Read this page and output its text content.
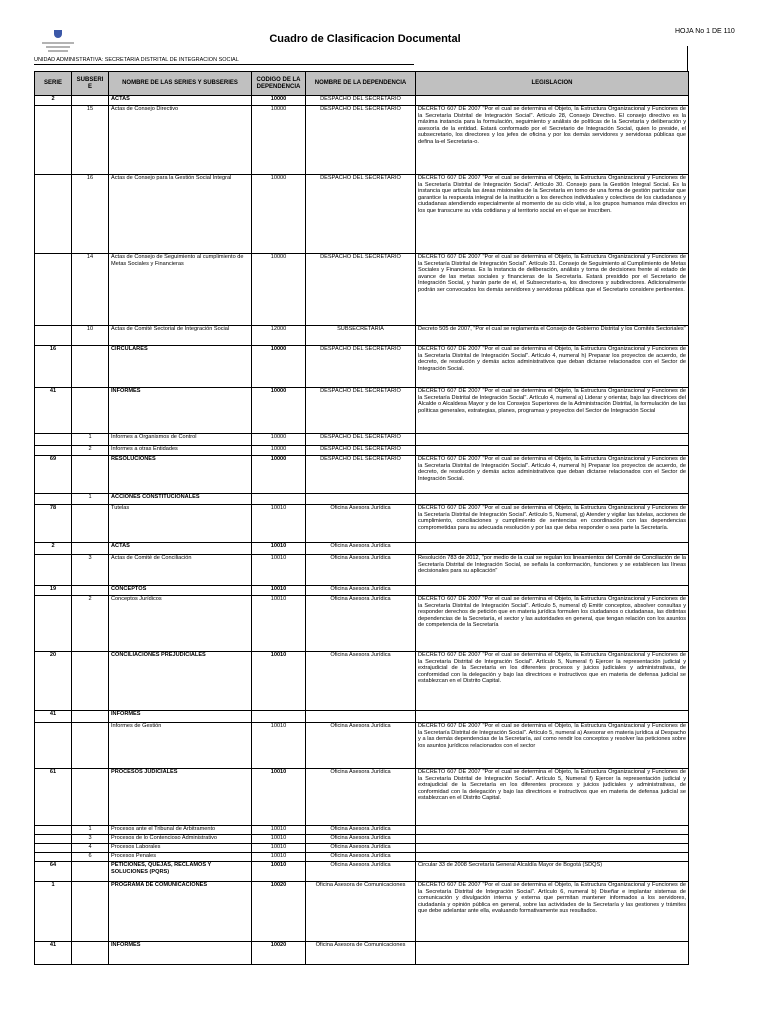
HOJA No 1 DE 110
Cuadro de Clasificacion Documental
UNIDAD ADMINISTRATIVA: SECRETARIA DISTRITAL DE INTEGRACION SOCIAL
SERIE	SUBSERI E	NOMBRE DE LAS SERIES Y SUBSERIES	CODIGO DE LA DEPENDENCIA	NOMBRE DE LA DEPENDENCIA	LEGISLACION
2		ACTAS	10000	DESPACHO DEL SECRETARIO	
	15	Actas de Consejo Directivo	10000	DESPACHO DEL SECRETARIO	DECRETO 607 DE 2007 "Por el cual se determina el Objeto, la Estructura Organizacional y Funciones de la Secretaría Distrital de Integración Social". Artículo 28, Consejo Directivo. El consejo directivo es la máxima instancia para la formulación, seguimiento y análisis de políticas de la Secretaría y deliberación y asesoría de la entidad. Estará conformado por el Secretario de Integración Social, quien lo preside, el subsecretario, los directores y los jefes de oficina y por los demás servidores y servidoras públicas que defina la-el Secretaria-o.
	16	Actas de Consejo para la Gestión Social Integral	10000	DESPACHO DEL SECRETARIO	DECRETO 607 DE 2007 "Por el cual se determina el Objeto, la Estructura Organizacional y Funciones de la Secretaría Distrital de Integración Social". Artículo 30. Consejo para la Gestión Integral Social. Es la instancia que articula las áreas misionales de la Secretaría en torno de una forma de gestión particular que garantice la respuesta integral de la institución a los derechos individuales y colectivos de los ciudadanos y ciudadanas atendiendo especialmente al momento de su ciclo vital, a los grupos humanos más directos en los que transcurre su vida cotidiana y al territorio social en el que se inscriben.
	14	Actas de Consejo de Seguimiento al cumplimiento de Metas Sociales y Financieras	10000	DESPACHO DEL SECRETARIO	DECRETO 607 DE 2007 "Por el cual se determina el Objeto, la Estructura Organizacional y Funciones de la Secretaría Distrital de Integración Social". Artículo 31. Consejo de Seguimiento al Cumplimiento de Metas Sociales y Financieras. Es la instancia de deliberación, análisis y toma de decisiones frente al estado de avance de las metas sociales y financieras de la Secretaría. Estará presidido por el Secretario de Integración Social, y harán parte de el, el Subsecretario-a, los directores y subdirectores. Adicionalmente podrán ser convocados los demás servidores y servidoras públicas que el Secretario considere pertinentes.
	10	Actas de Comité Sectorial de Integración Social	12000	SUBSECRETARIA	Decreto 505 de 2007, "Por el cual se reglamenta el Consejo de Gobierno Distrital y los Comités Sectoriales"
16		CIRCULARES	10000	DESPACHO DEL SECRETARIO	DECRETO 607 DE 2007 "Por el cual se determina el Objeto, la Estructura Organizacional y Funciones de la Secretaría Distrital de Integración Social". Artículo 4, numeral h) Preparar los proyectos de acuerdo, de decreto, de resolución y demás actos administrativos que deban dictarse relacionados con el Sector de Integración Social.
41		INFORMES	10000	DESPACHO DEL SECRETARIO	DECRETO 607 DE 2007 "Por el cual se determina el Objeto, la Estructura Organizacional y Funciones de la Secretaría Distrital de Integración Social". Artículo 4, numeral a) Liderar y orientar, bajo las directrices del Alcalde o Alcaldesa Mayor y de los Consejos Superiores de la Administración Distrital, la formulación de las políticas generales, estrategias, planes, programas y proyectos del Sector de Integración Social
	1	Informes a Organismos de Control	10000	DESPACHO DEL SECRETARIO	
	2	Informes a otras Entidades	10000	DESPACHO DEL SECRETARIO	
69		RESOLUCIONES	10000	DESPACHO DEL SECRETARIO	DECRETO 607 DE 2007 "Por el cual se determina el Objeto, la Estructura Organizacional y Funciones de la Secretaría Distrital de Integración Social". Artículo 4, numeral h) Preparar los proyectos de acuerdo, de decreto, de resolución y demás actos administrativos que deban dictarse relacionados con el Sector de Integración Social.
	1	ACCIONES CONSTITUCIONALES			
78		Tutelas	10010	Oficina Asesora Jurídica	DECRETO 607 DE 2007 "Por el cual se determina el Objeto, la Estructura Organizacional y Funciones de la Secretaría Distrital de Integración Social". Artículo 5, Numeral, g) Atender y vigilar las tutelas, acciones de cumplimiento, conciliaciones y cumplimiento de sentencias en coordinación con las dependencias comprometidas para su adecuada resolución y por las que deba responder o sea parte la Secretaría.
2		ACTAS	10010	Oficina Asesora Jurídica	
	3	Actas de Comité de Conciliación	10010	Oficina Asesora Jurídica	Resolución 783 de 2012, "por medio de la cual se regulan los lineamientos del Comité de Conciliación de la Secretaría Distrital de Integración Social, se señala la conformación, funciones y se establecen las líneas decisionales para su aplicación"
19		CONCEPTOS	10010	Oficina Asesora Jurídica	
	2	Conceptos Jurídicos	10010	Oficina Asesora Jurídica	DECRETO 607 DE 2007 "Por el cual se determina el Objeto, la Estructura Organizacional y Funciones de la Secretaría Distrital de Integración Social". Artículo 5, numeral d) Emitir conceptos, absolver consultas y responder derechos de petición que en materia jurídica formulen los ciudadanos o ciudadanas, las distintas dependencias de la Secretaría, el sector y las autoridades en general, que tengan relación con los asuntos de competencia de la Secretaría
20		CONCILIACIONES PREJUDICIALES	10010	Oficina Asesora Jurídica	DECRETO 607 DE 2007 "Por el cual se determina el Objeto, la Estructura Organizacional y Funciones de la Secretaría Distrital de Integración Social". Artículo 5, Numeral f) Ejercer la representación judicial y extrajudicial de la Secretaría en los diferentes procesos y juicios judiciales y administrativas, de conformidad con la delegación y bajo las directrices e instructivos que en materia de defensa judicial se establezcan en el Distrito Capital.
41		INFORMES			
		Informes de Gestión	10010	Oficina Asesora Jurídica	DECRETO 607 DE 2007 "Por el cual se determina el Objeto, la Estructura Organizacional y Funciones de la Secretaría Distrital de Integración Social". Artículo 5, numeral a) Asesorar en materia jurídica al Despacho y a las demás dependencias de la Secretaría, así como rendir los conceptos y resolver las peticiones sobre los asuntos jurídicos relacionados con el sector
61		PROCESOS JUDICIALES	10010	Oficina Asesora Jurídica	DECRETO 607 DE 2007 "Por el cual se determina el Objeto, la Estructura Organizacional y Funciones de la Secretaría Distrital de Integración Social". Artículo 5, Numeral f) Ejercer la representación judicial y extrajudicial de la Secretaría en los diferentes procesos y juicios judiciales y administrativas, de conformidad con la delegación y bajo las directrices e instructivos que en materia de defensa judicial se establezcan en el Distrito Capital.
	1	Procesos ante el Tribunal de Arbitramento	10010	Oficina Asesora Jurídica	
	3	Procesos de lo Contencioso Administrativo	10010	Oficina Asesora Jurídica	
	4	Procesos Laborales	10010	Oficina Asesora Jurídica	
	6	Procesos Penales	10010	Oficina Asesora Jurídica	
64		PETICIONES, QUEJAS, RECLAMOS Y SOLUCIONES (PQRS)	10010	Oficina Asesora Jurídica	Circular 33 de 2008 Secretaría General Alcaldía Mayor de Bogotá (SDQS)
1		PROGRAMA DE COMUNICACIONES	10020	Oficina Asesora de Comunicaciones	DECRETO 607 DE 2007 "Por el cual se determina el Objeto, la Estructura Organizacional y Funciones de la Secretaría Distrital de Integración Social". Artículo 6, numeral b) Diseñar e implantar sistemas de comunicación y divulgación interna y externa que permitan mantener informados a los servidores, ciudadanía y opinión pública en general, sobre las actividades de la Secretaría y las gestiones y trámites que debe adelantar ante ella, evaluando formativamente sus resultados.
41		INFORMES	10020	Oficina Asesora de Comunicaciones	
